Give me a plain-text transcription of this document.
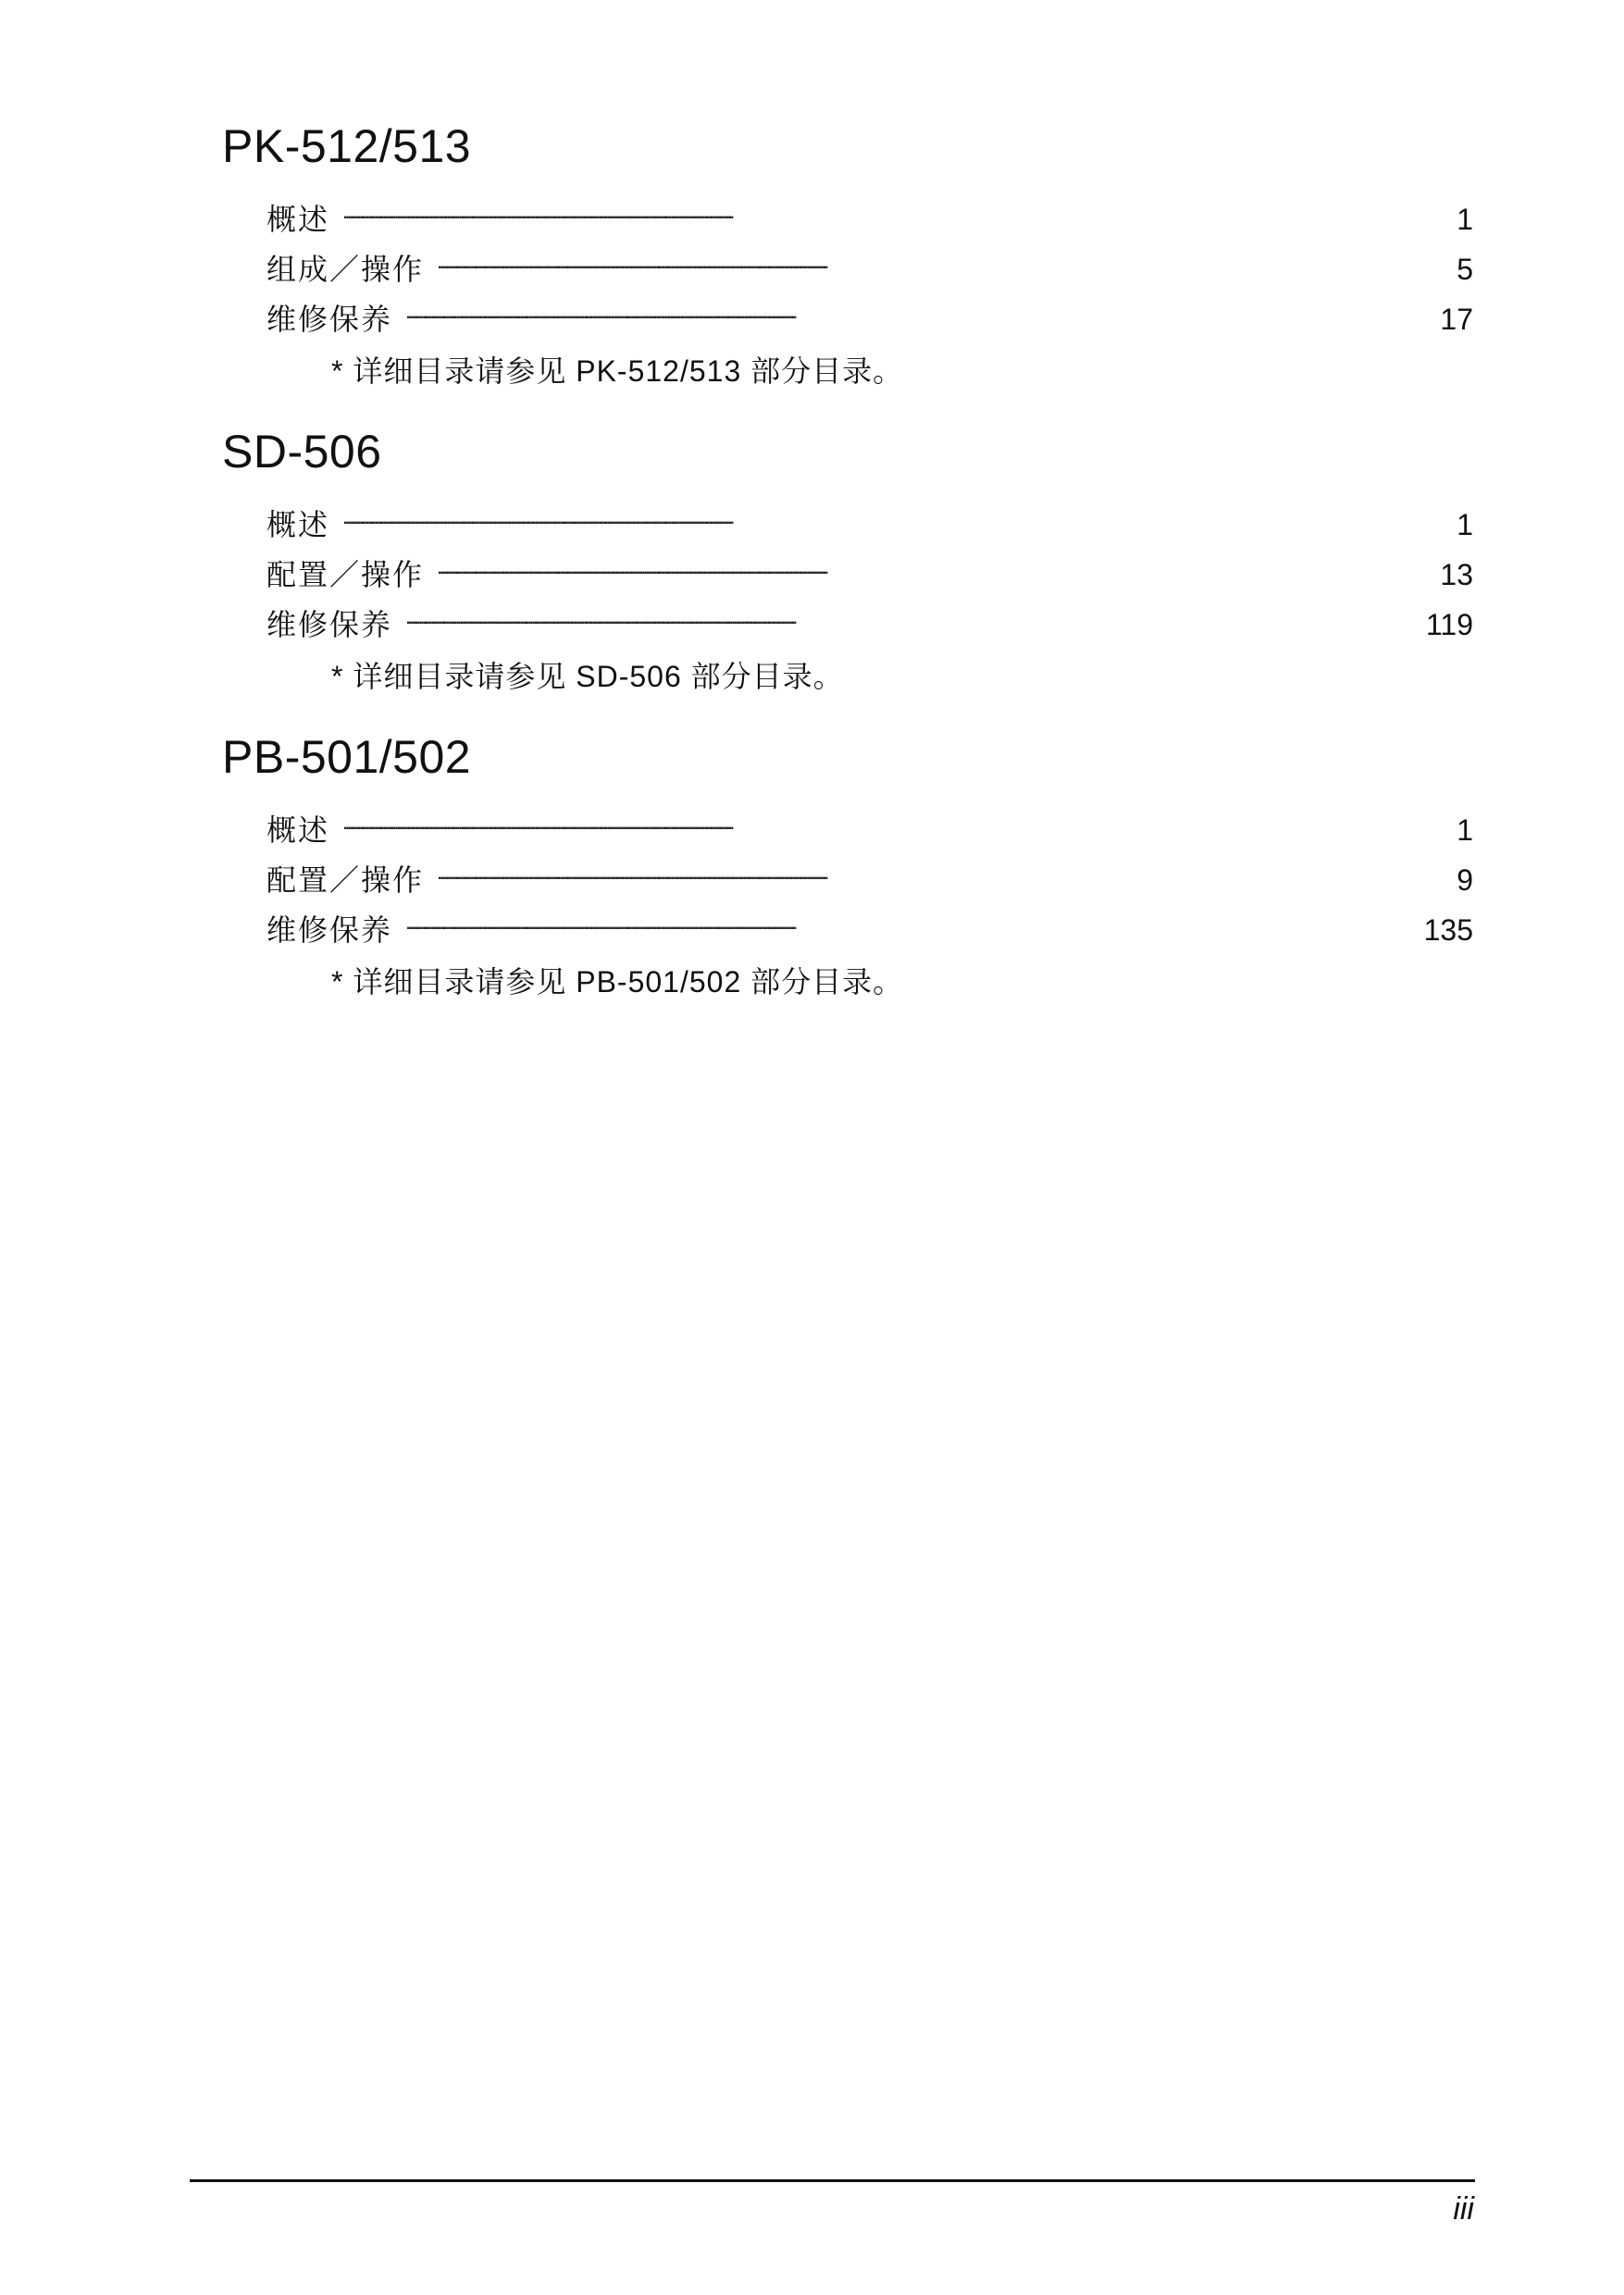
PK-512/513
概述 . . .	1
组成／操作 . . .	5
维修保养 . . .	17
* 详细目录请参见 PK-512/513 部分目录。
SD-506
概述 . . .	1
配置／操作 . . .	13
维修保养 . . .	119
* 详细目录请参见 SD-506 部分目录。
PB-501/502
概述 . . .	1
配置／操作 . . .	9
维修保养 . . .	135
* 详细目录请参见 PB-501/502 部分目录。
iii
